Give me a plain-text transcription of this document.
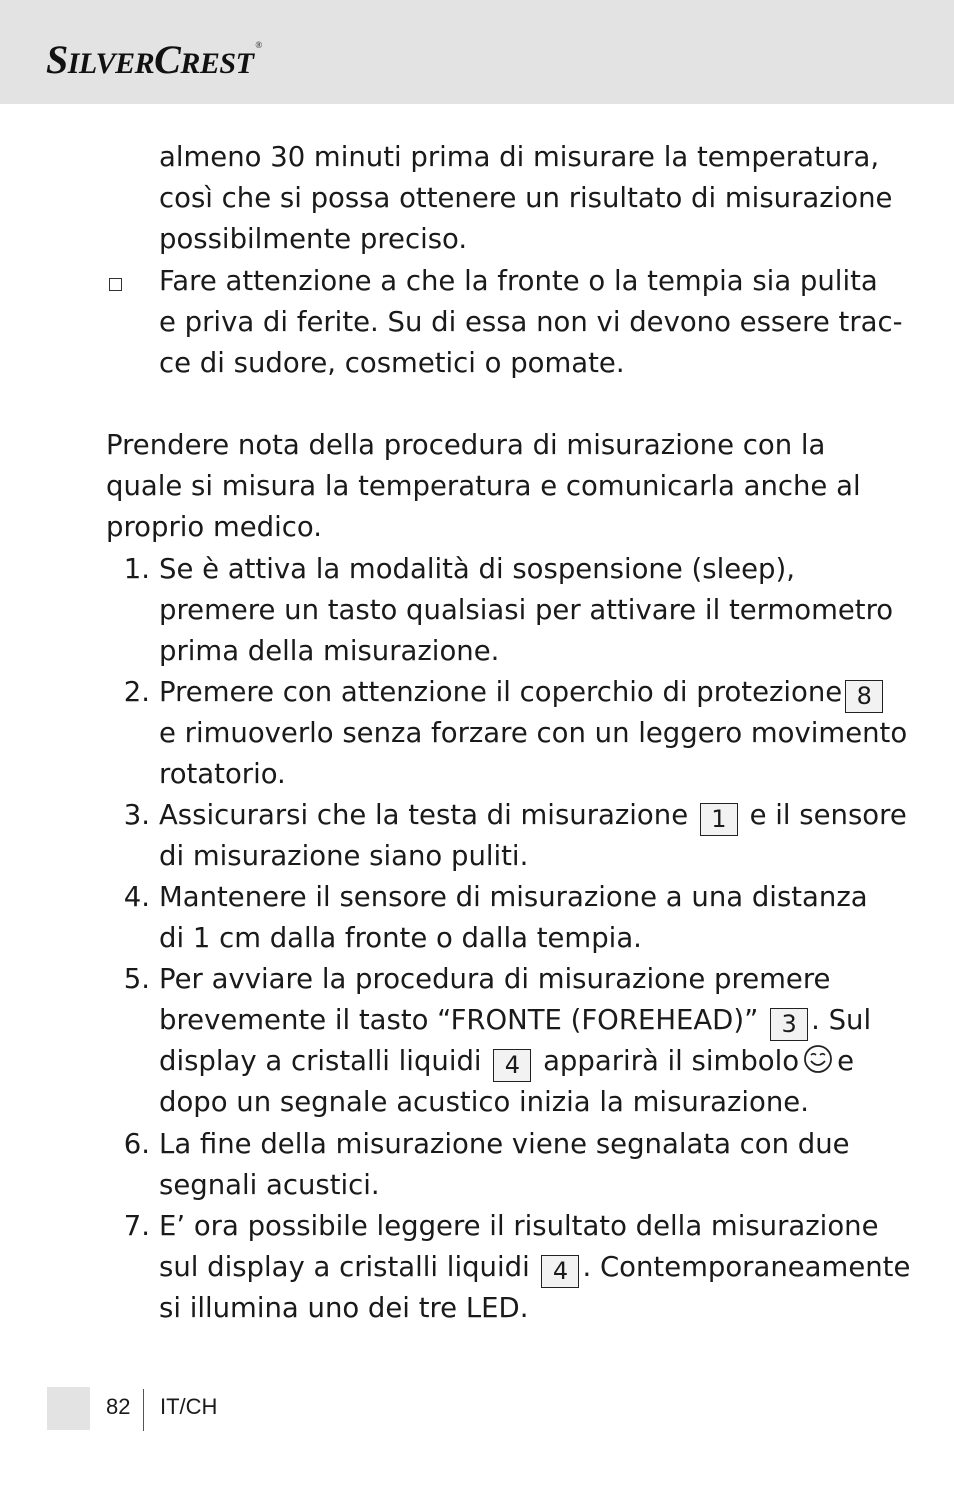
SILVERCREST®
almeno 30 minuti prima di misurare la temperatura,
così che si possa ottenere un risultato di misurazione
possibilmente preciso.
Fare attenzione a che la fronte o la tempia sia pulita
e priva di ferite. Su di essa non vi devono essere trac-
ce di sudore, cosmetici o pomate.
Prendere nota della procedura di misurazione con la
quale si misura la temperatura e comunicarla anche al
proprio medico.
1. Se è attiva la modalità di sospensione (sleep),
premere un tasto qualsiasi per attivare il termometro
prima della misurazione.
2. Premere con attenzione il coperchio di protezione 8
e rimuoverlo senza forzare con un leggero movimento
rotatorio.
3. Assicurarsi che la testa di misurazione 1 e il sensore
di misurazione siano puliti.
4. Mantenere il sensore di misurazione a una distanza
di 1 cm dalla fronte o dalla tempia.
5. Per avviare la procedura di misurazione premere
brevemente il tasto “FRONTE (FOREHEAD)” 3 . Sul
display a cristalli liquidi 4 apparirà il simbolo e
dopo un segnale acustico inizia la misurazione.
6. La fine della misurazione viene segnalata con due
segnali acustici.
7. E’ ora possibile leggere il risultato della misurazione
sul display a cristalli liquidi 4 . Contemporaneamente
si illumina uno dei tre LED.
82 IT/CH
